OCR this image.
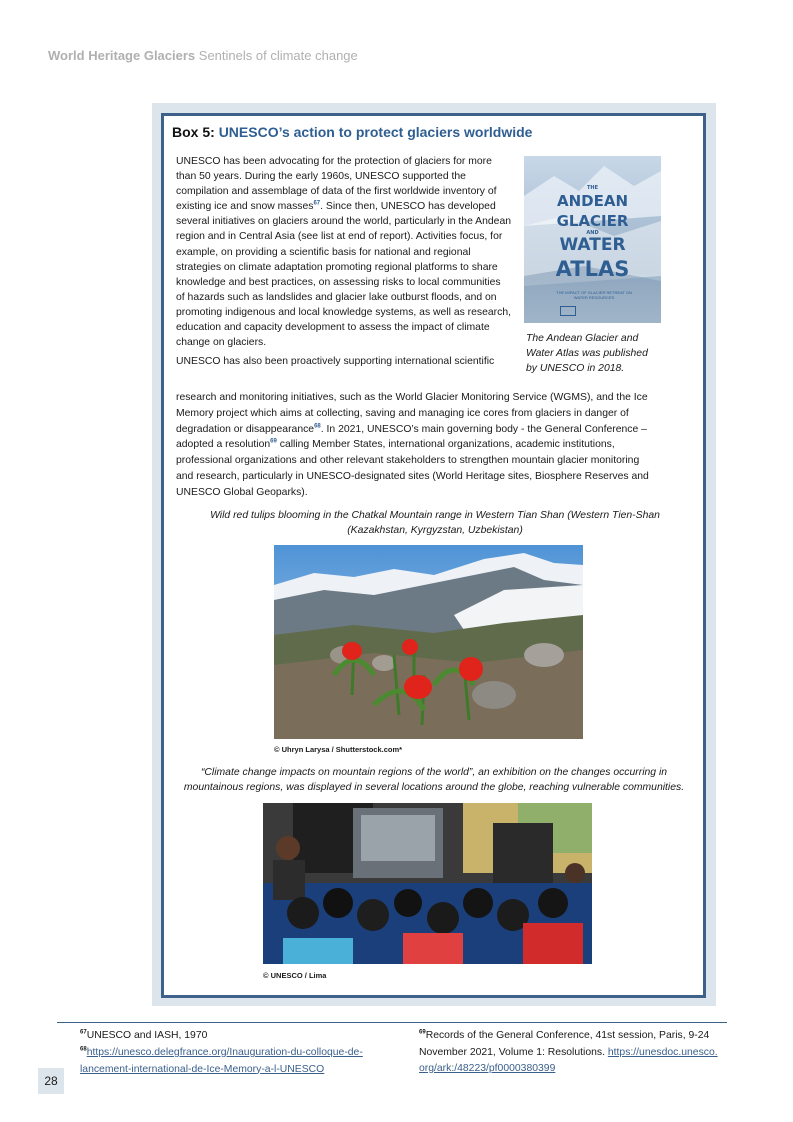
World Heritage Glaciers Sentinels of climate change
Box 5: UNESCO’s action to protect glaciers worldwide
UNESCO has been advocating for the protection of glaciers for more than 50 years. During the early 1960s, UNESCO supported the compilation and assemblage of data of the first worldwide inventory of existing ice and snow masses$^{67}$. Since then, UNESCO has developed several initiatives on glaciers around the world, particularly in the Andean region and in Central Asia (see list at end of report). Activities focus, for example, on providing a scientific basis for national and regional strategies on climate adaptation promoting regional platforms to share knowledge and best practices, on assessing risks to local communities of hazards such as landslides and glacier lake outburst floods, and on promoting indigenous and local knowledge systems, as well as research, education and capacity development to assess the impact of climate change on glaciers.
UNESCO has also been proactively supporting international scientific
THE
ANDEAN
GLACIER
AND
WATER
ATLAS
THE IMPACT OF GLACIER RETREAT ON WATER RESOURCES
The Andean Glacier and Water Atlas was published by UNESCO in 2018.
research and monitoring initiatives, such as the World Glacier Monitoring Service (WGMS), and the Ice Memory project which aims at collecting, saving and managing ice cores from glaciers in danger of degradation or disappearance$^{68}$. In 2021, UNESCO’s main governing body - the General Conference – adopted a resolution$^{69}$ calling Member States, international organizations, academic institutions, professional organizations and other relevant stakeholders to strengthen mountain glacier monitoring and research, particularly in UNESCO-designated sites (World Heritage sites, Biosphere Reserves and UNESCO Global Geoparks).
Wild red tulips blooming in the Chatkal Mountain range in Western Tian Shan (Western Tien-Shan (Kazakhstan, Kyrgyzstan, Uzbekistan)
© Uhryn Larysa / Shutterstock.com*
“Climate change impacts on mountain regions of the world”, an exhibition on the changes occurring in mountainous regions, was displayed in several locations around the globe, reaching vulnerable communities.
© UNESCO / Lima
$^{67}$UNESCO and IASH, 1970
$^{68}$https://unesco.delegfrance.org/Inauguration-du-colloque-de-
lancement-international-de-Ice-Memory-a-l-UNESCO
$^{69}$Records of the General Conference, 41st session, Paris, 9-24
November 2021, Volume 1: Resolutions. https://unesdoc.unesco.
org/ark:/48223/pf0000380399
28
